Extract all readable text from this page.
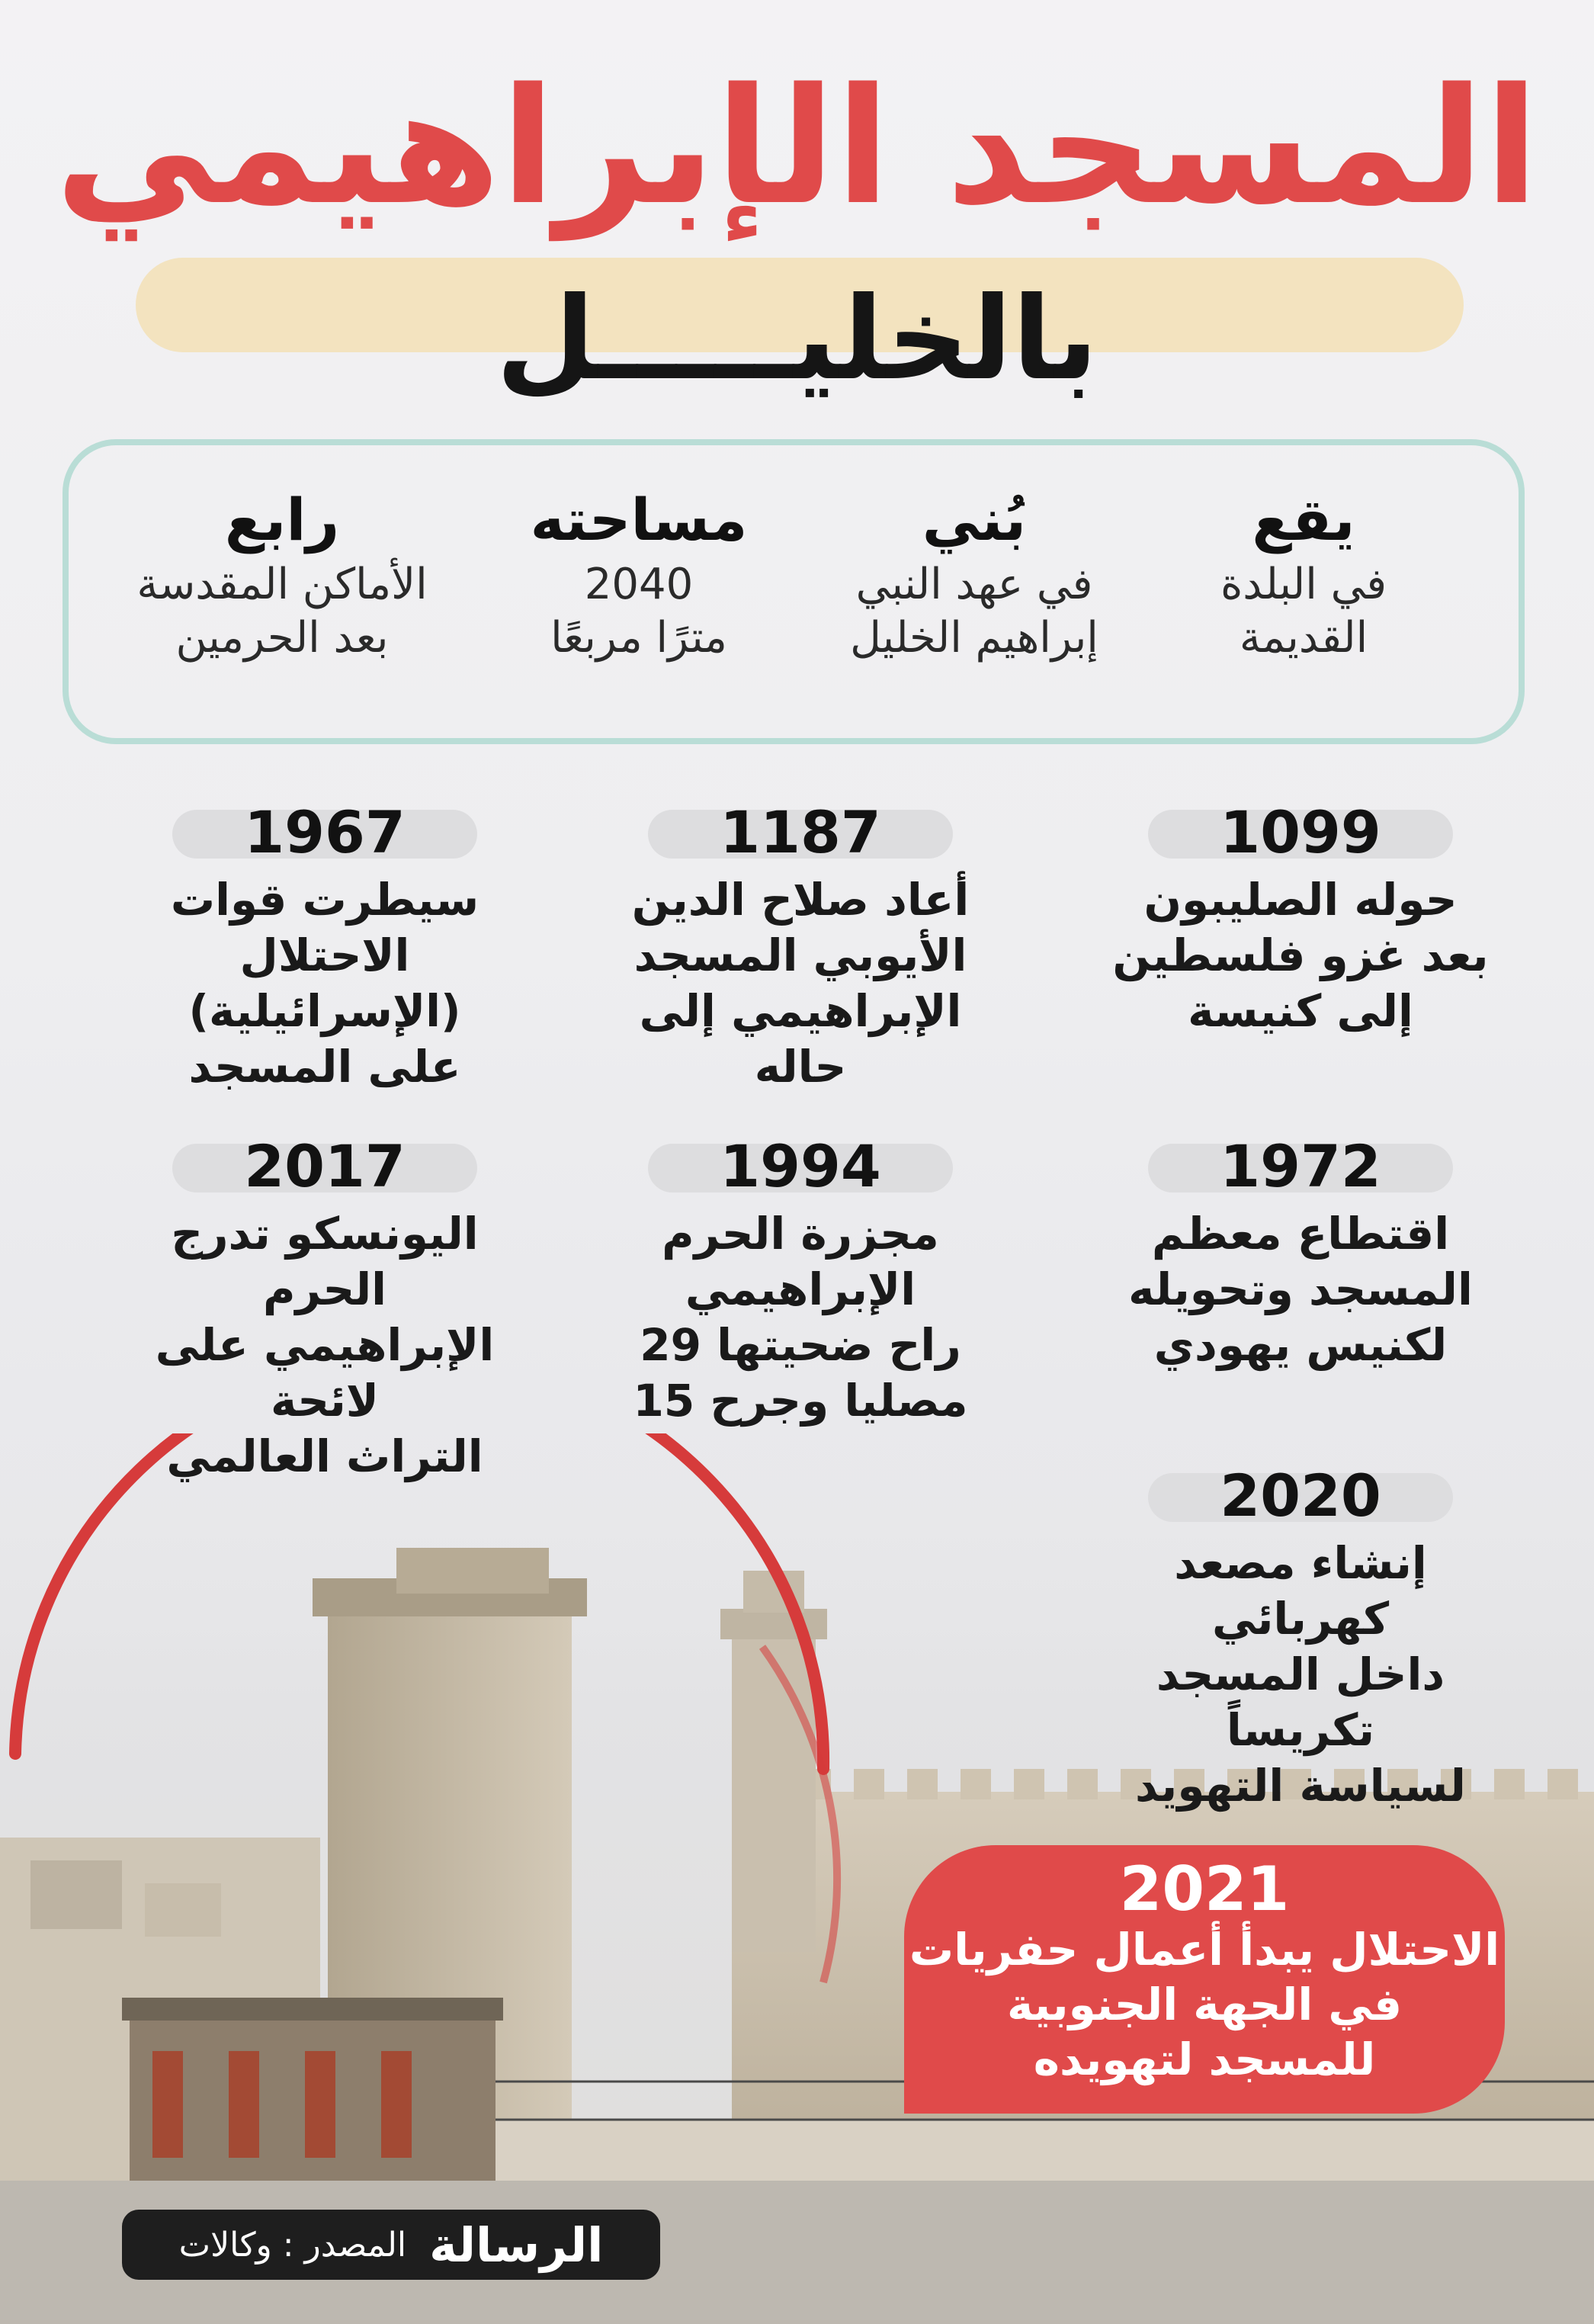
المسجد الإبراهيمي
بالخليـــــل
يقع
في البلدة
القديمة
بُني
في عهد النبي
إبراهيم الخليل
مساحته
2040
مترًا مربعًا
رابع
الأماكن المقدسة
بعد الحرمين
1099
حوله الصليبون
بعد غزو فلسطين
إلى كنيسة
1187
أعاد صلاح الدين
الأيوبي المسجد
الإبراهيمي إلى حاله
1967
سيطرت قوات
الاحتلال (الإسرائيلية)
على المسجد
1972
اقتطاع معظم
المسجد وتحويله
لكنيس يهودي
1994
مجزرة الحرم
الإبراهيمي
راح ضحيتها 29
مصليا وجرح 15
2017
اليونسكو تدرج الحرم
الإبراهيمي على لائحة
التراث العالمي
2020
إنشاء مصعد كهربائي
داخل المسجد تكريساً
لسياسة التهويد
2021
الاحتلال يبدأ أعمال حفريات
في الجهة الجنوبية
للمسجد لتهويده
الرسالة
المصدر : وكالات
